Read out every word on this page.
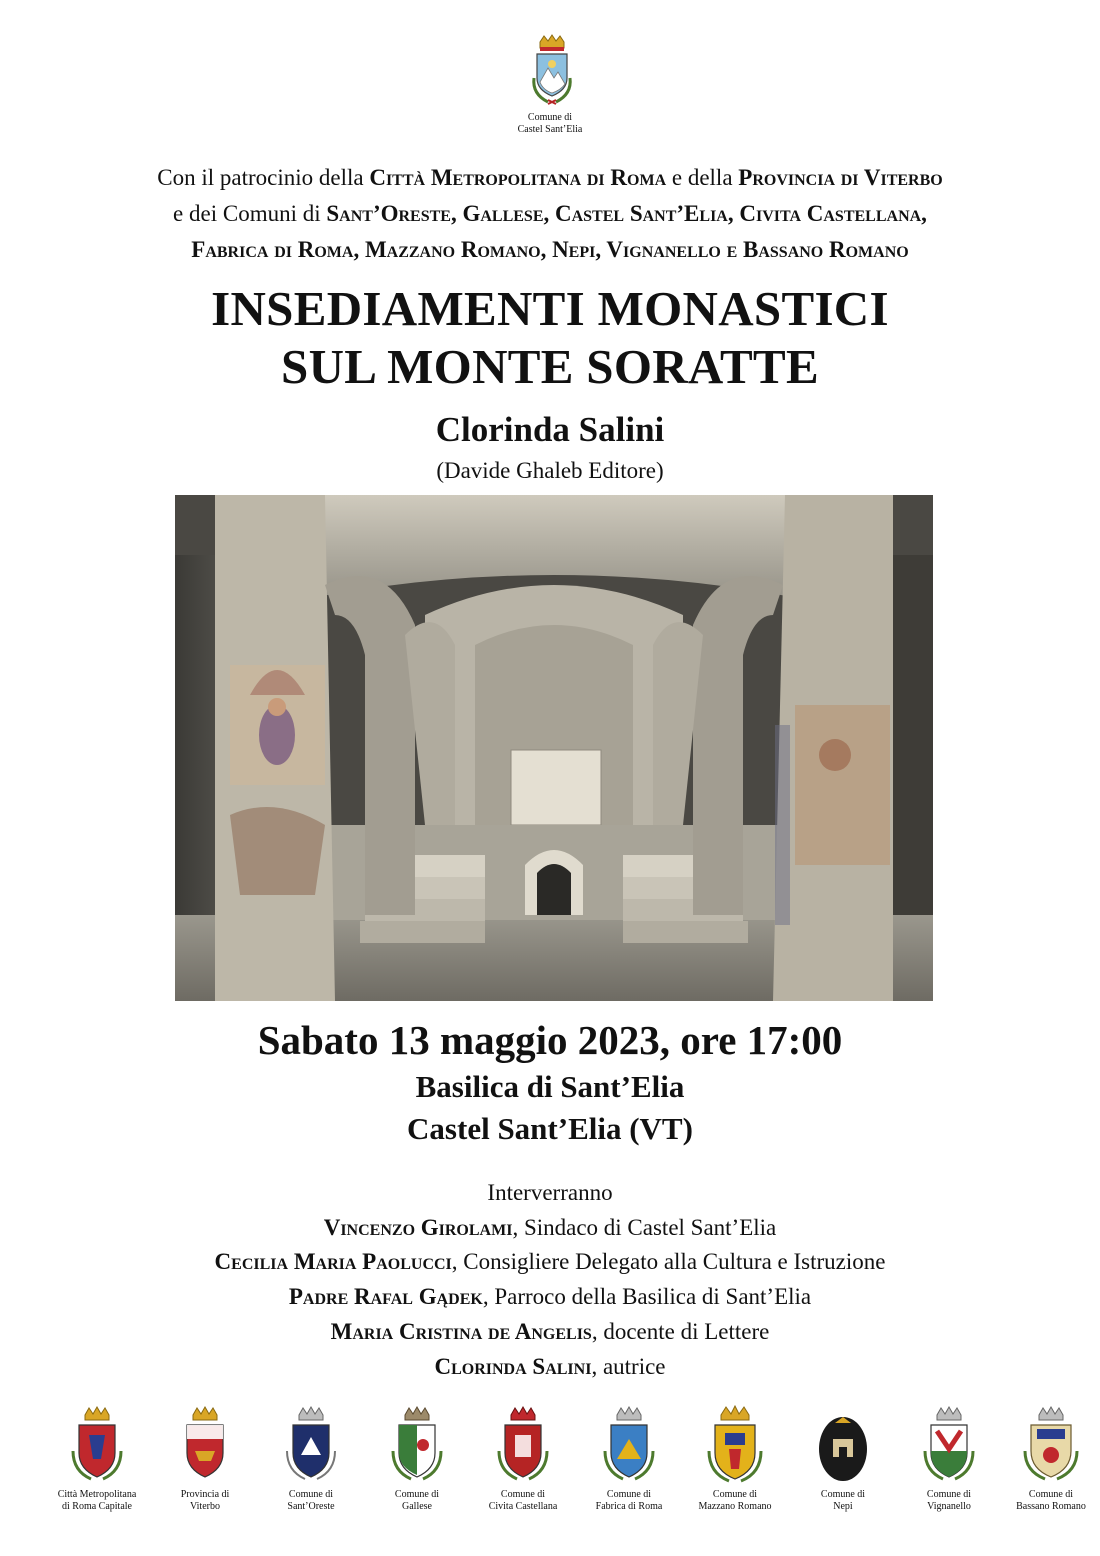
Comune di
Castel Sant’Elia
Con il patrocinio della Città Metropolitana di Roma e della Provincia di Viterbo
e dei Comuni di Sant’Oreste, Gallese, Castel Sant’Elia, Civita Castellana,
Fabrica di Roma, Mazzano Romano, Nepi, Vignanello e Bassano Romano
INSEDIAMENTI MONASTICI
SUL MONTE SORATTE
Clorinda Salini
(Davide Ghaleb Editore)
Sabato 13 maggio 2023, ore 17:00
Basilica di Sant’Elia
Castel Sant’Elia (VT)
Interverranno
Vincenzo Girolami, Sindaco di Castel Sant’Elia
Cecilia Maria Paolucci, Consigliere Delegato alla Cultura e Istruzione
Padre Rafal Gądek, Parroco della Basilica di Sant’Elia
Maria Cristina de Angelis, docente di Lettere
Clorinda Salini, autrice
Città Metropolitana
di Roma Capitale
Provincia di
Viterbo
Comune di
Sant’Oreste
Comune di
Gallese
Comune di
Civita Castellana
Comune di
Fabrica di Roma
Comune di
Mazzano Romano
Comune di
Nepi
Comune di
Vignanello
Comune di
Bassano Romano
